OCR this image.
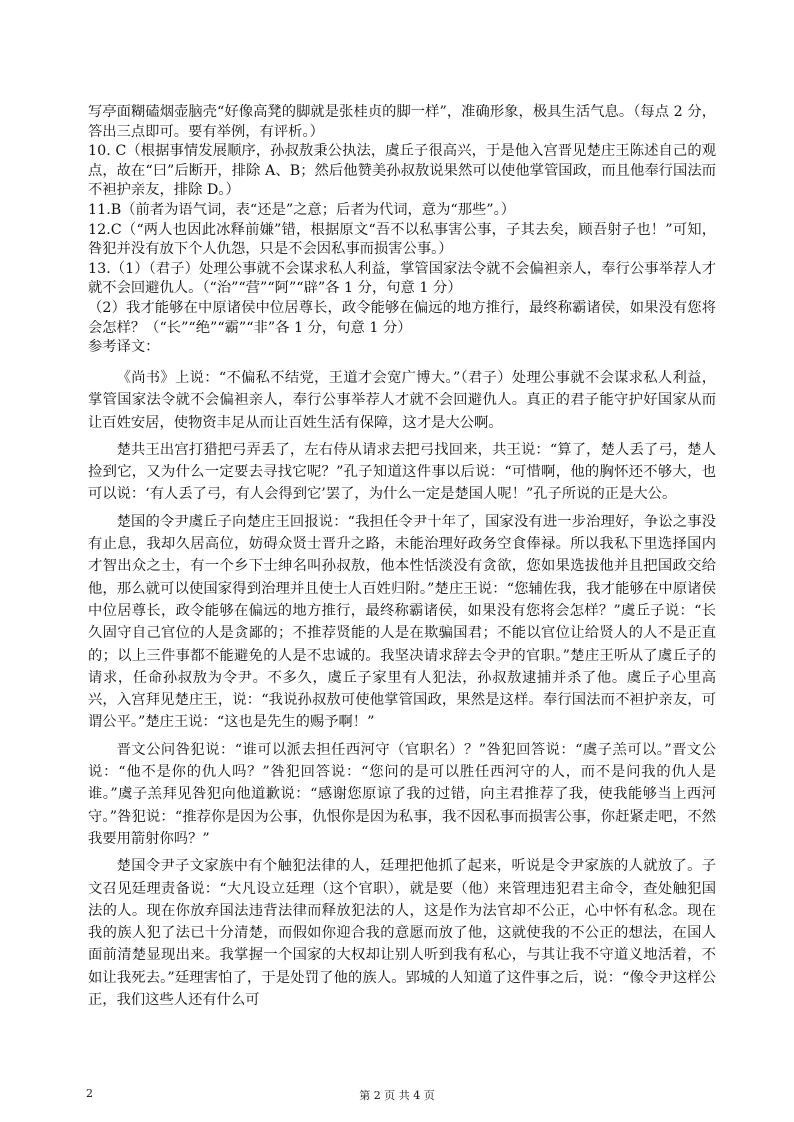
写亭面糊磕烟壶脑壳“好像高凳的脚就是张桂贞的脚一样”，准确形象，极具生活气息。（每点 2 分，答出三点即可。要有举例，有评析。）

10. C（根据事情发展顺序，孙叔敖秉公执法，虞丘子很高兴，于是他入宫晋见楚庄王陈述自己的观点，故在“曰”后断开，排除 A、B；然后他赞美孙叔敖说果然可以使他掌管国政，而且他奉行国法而不袒护亲友，排除 D。）

11.B（前者为语气词，表“还是”之意；后者为代词，意为“那些”。）

12.C（“两人也因此冰释前嫌”错，根据原文“吾不以私事害公事，子其去矣，顾吾射子也！”可知，咎犯并没有放下个人仇怨，只是不会因私事而损害公事。）

13.（1）（君子）处理公事就不会谋求私人利益，掌管国家法令就不会偏袒亲人，奉行公事举荐人才就不会回避仇人。（“治”“营”“阿”“辟”各 1 分，句意 1 分）

（2）我才能够在中原诸侯中位居尊长，政令能够在偏远的地方推行，最终称霸诸侯，如果没有您将会怎样？（“长”“绝”“霸”“非”各 1 分，句意 1 分）

参考译文：

《尚书》上说：“不偏私不结党，王道才会宽广博大。”（君子）处理公事就不会谋求私人利益，掌管国家法令就不会偏袒亲人，奉行公事举荐人才就不会回避仇人。真正的君子能守护好国家从而让百姓安居，使物资丰足从而让百姓生活有保障，这才是大公啊。

楚共王出宫打猎把弓弄丢了，左右侍从请求去把弓找回来，共王说：“算了，楚人丢了弓，楚人捡到它，又为什么一定要去寻找它呢？”孔子知道这件事以后说：“可惜啊，他的胸怀还不够大，也可以说：‘有人丢了弓，有人会得到它’罢了，为什么一定是楚国人呢！”孔子所说的正是大公。

楚国的令尹虞丘子向楚庄王回报说：“我担任令尹十年了，国家没有进一步治理好，争讼之事没有止息，我却久居高位，妨碍众贤士晋升之路，未能治理好政务空食俸禄。所以我私下里选择国内才智出众之士，有一个乡下士绅名叫孙叔敖，他本性恬淡没有贪欲，您如果选拔他并且把国政交给他，那么就可以使国家得到治理并且使士人百姓归附。”楚庄王说：“您辅佐我，我才能够在中原诸侯中位居尊长，政令能够在偏远的地方推行，最终称霸诸侯，如果没有您将会怎样？”虞丘子说：“长久固守自己官位的人是贪鄙的；不推荐贤能的人是在欺骗国君；不能以官位让给贤人的人不是正直的；以上三件事都不能避免的人是不忠诚的。我坚决请求辞去令尹的官职。”楚庄王听从了虞丘子的请求，任命孙叔敖为令尹。不多久，虞丘子家里有人犯法，孙叔敖逮捕并杀了他。虞丘子心里高兴，入宫拜见楚庄王，说：“我说孙叔敖可使他掌管国政，果然是这样。奉行国法而不袒护亲友，可谓公平。”楚庄王说：“这也是先生的赐予啊！”

晋文公问咎犯说：“谁可以派去担任西河守（官职名）？”咎犯回答说：“虞子羔可以。”晋文公说：“他不是你的仇人吗？”咎犯回答说：“您问的是可以胜任西河守的人，而不是问我的仇人是谁。”虞子羔拜见咎犯向他道歉说：“感谢您原谅了我的过错，向主君推荐了我，使我能够当上西河守。”咎犯说：“推荐你是因为公事，仇恨你是因为私事，我不因私事而损害公事，你赶紧走吧，不然我要用箭射你吗？”

楚国令尹子文家族中有个触犯法律的人，廷理把他抓了起来，听说是令尹家族的人就放了。子文召见廷理责备说：“大凡设立廷理（这个官职），就是要（他）来管理违犯君主命令，查处触犯国法的人。现在你放弃国法违背法律而释放犯法的人，这是作为法官却不公正，心中怀有私念。现在我的族人犯了法已十分清楚，而假如你迎合我的意愿而放了他，这就使我的不公正的想法，在国人面前清楚显现出来。我掌握一个国家的大权却让别人听到我有私心，与其让我不守道义地活着，不如让我死去。”廷理害怕了，于是处罚了他的族人。郢城的人知道了这件事之后，说：“像令尹这样公正，我们这些人还有什么可

2	第 2 页 共 4 页
